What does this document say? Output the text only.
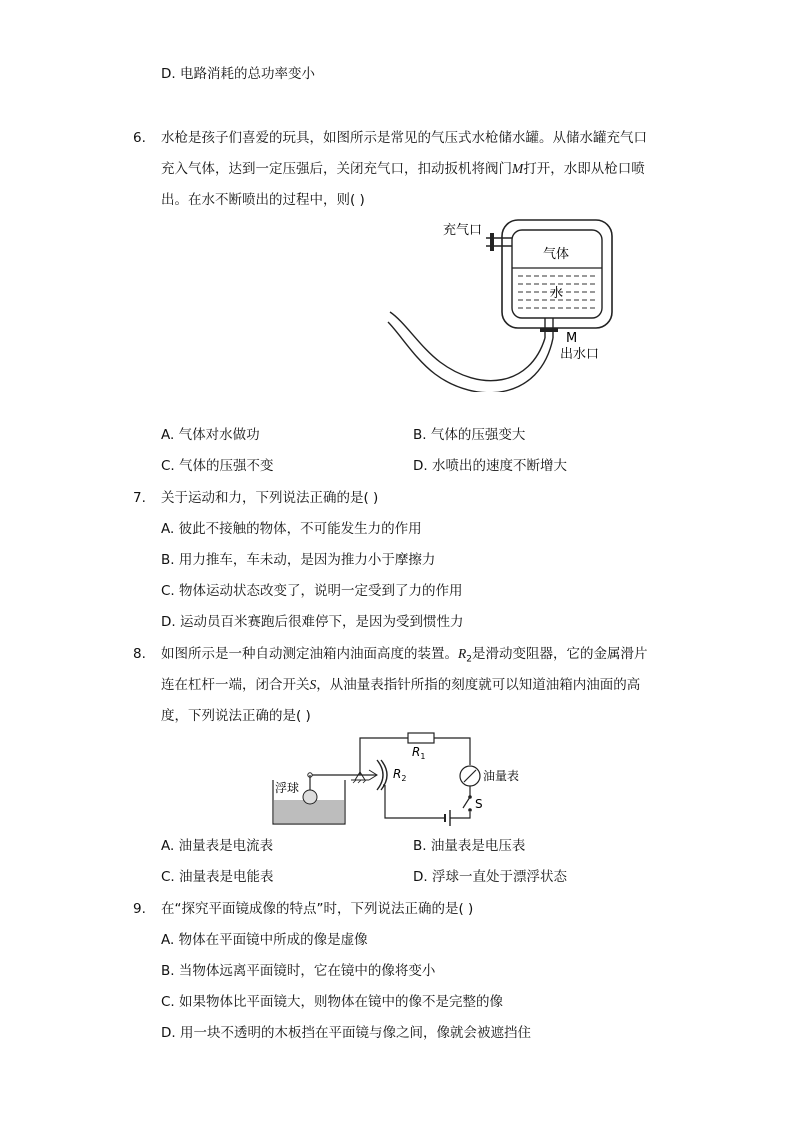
D. 电路消耗的总功率变小
6. 水枪是孩子们喜爱的玩具，如图所示是常见的气压式水枪储水罐。从储水罐充气口
充入气体，达到一定压强后，关闭充气口，扣动扳机将阀门M打开，水即从枪口喷
出。在水不断喷出的过程中，则( )
充气口
气体
水
M
出水口
A. 气体对水做功	B. 气体的压强变大
C. 气体的压强不变	D. 水喷出的速度不断增大
7. 关于运动和力，下列说法正确的是( )
A. 彼此不接触的物体，不可能发生力的作用
B. 用力推车，车未动，是因为推力小于摩擦力
C. 物体运动状态改变了，说明一定受到了力的作用
D. 运动员百米赛跑后很难停下，是因为受到惯性力
8. 如图所示是一种自动测定油箱内油面高度的装置。$R_2$是滑动变阻器，它的金属滑片
连在杠杆一端，闭合开关S，从油量表指针所指的刻度就可以知道油箱内油面的高
度，下列说法正确的是( )
浮球
$R_1$
$R_2$	油量表
S
A. 油量表是电流表	B. 油量表是电压表
C. 油量表是电能表	D. 浮球一直处于漂浮状态
9. 在“探究平面镜成像的特点”时，下列说法正确的是( )
A. 物体在平面镜中所成的像是虚像
B. 当物体远离平面镜时，它在镜中的像将变小
C. 如果物体比平面镜大，则物体在镜中的像不是完整的像
D. 用一块不透明的木板挡在平面镜与像之间，像就会被遮挡住
